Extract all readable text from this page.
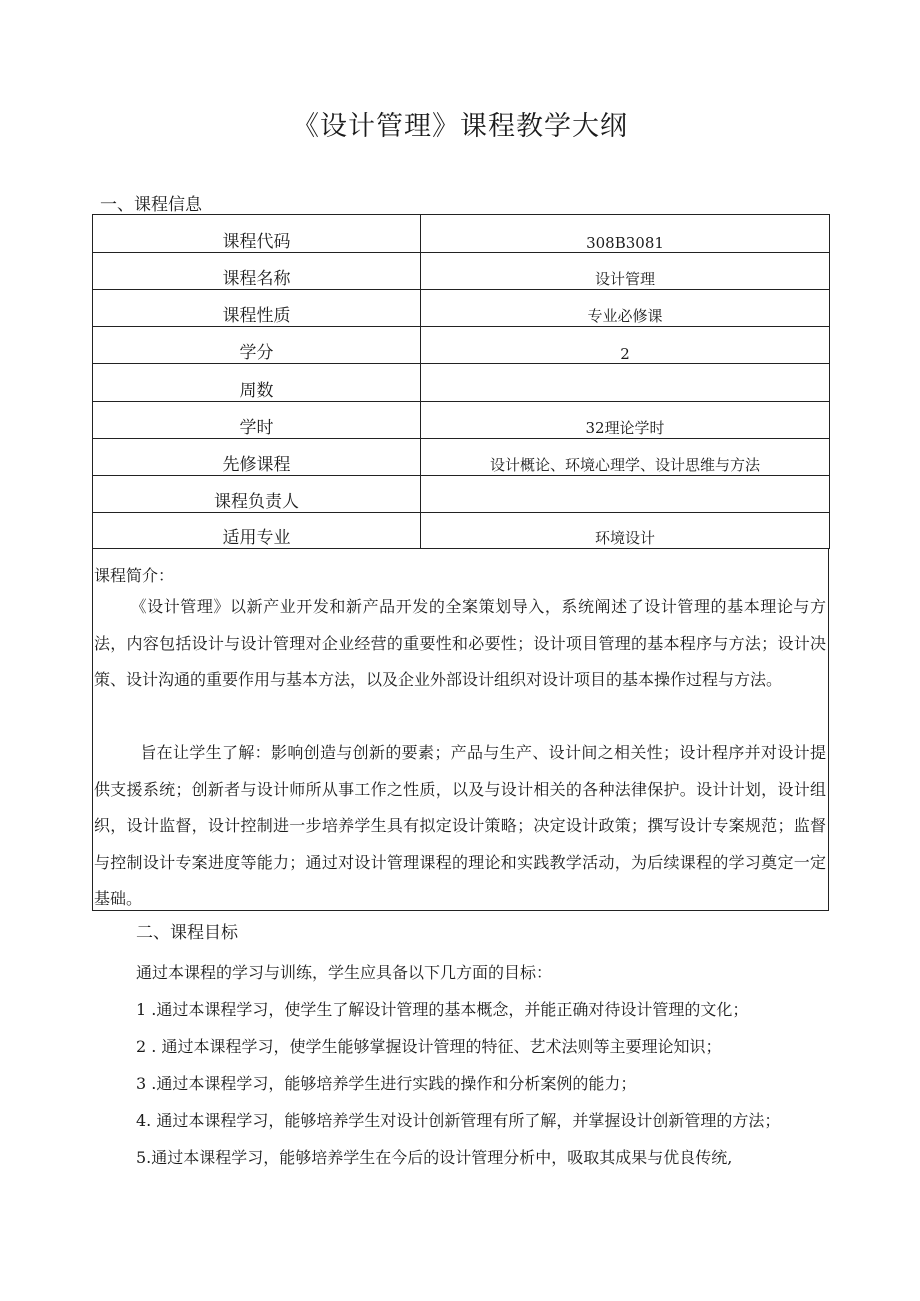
《设计管理》课程教学大纲
一、课程信息
课程代码	308B3081
课程名称	设计管理
课程性质	专业必修课
学分	2
周数	
学时	32理论学时
先修课程	设计概论、环境心理学、设计思维与方法
课程负责人	
适用专业	环境设计
课程简介：

《设计管理》以新产业开发和新产品开发的全案策划导入，系统阐述了设计管理的基本理论与方法，内容包括设计与设计管理对企业经营的重要性和必要性；设计项目管理的基本程序与方法；设计决策、设计沟通的重要作用与基本方法，以及企业外部设计组织对设计项目的基本操作过程与方法。

旨在让学生了解：影响创造与创新的要素；产品与生产、设计间之相关性；设计程序并对设计提供支援系统；创新者与设计师所从事工作之性质，以及与设计相关的各种法律保护。设计计划，设计组织，设计监督，设计控制进一步培养学生具有拟定设计策略；决定设计政策；撰写设计专案规范；监督与控制设计专案进度等能力；通过对设计管理课程的理论和实践教学活动，为后续课程的学习奠定一定基础。

二、课程目标
通过本课程的学习与训练，学生应具备以下几方面的目标：
1 .通过本课程学习，使学生了解设计管理的基本概念，并能正确对待设计管理的文化；
2 . 通过本课程学习，使学生能够掌握设计管理的特征、艺术法则等主要理论知识；
3 .通过本课程学习，能够培养学生进行实践的操作和分析案例的能力；
4. 通过本课程学习，能够培养学生对设计创新管理有所了解，并掌握设计创新管理的方法；
5.通过本课程学习，能够培养学生在今后的设计管理分析中，吸取其成果与优良传统,
